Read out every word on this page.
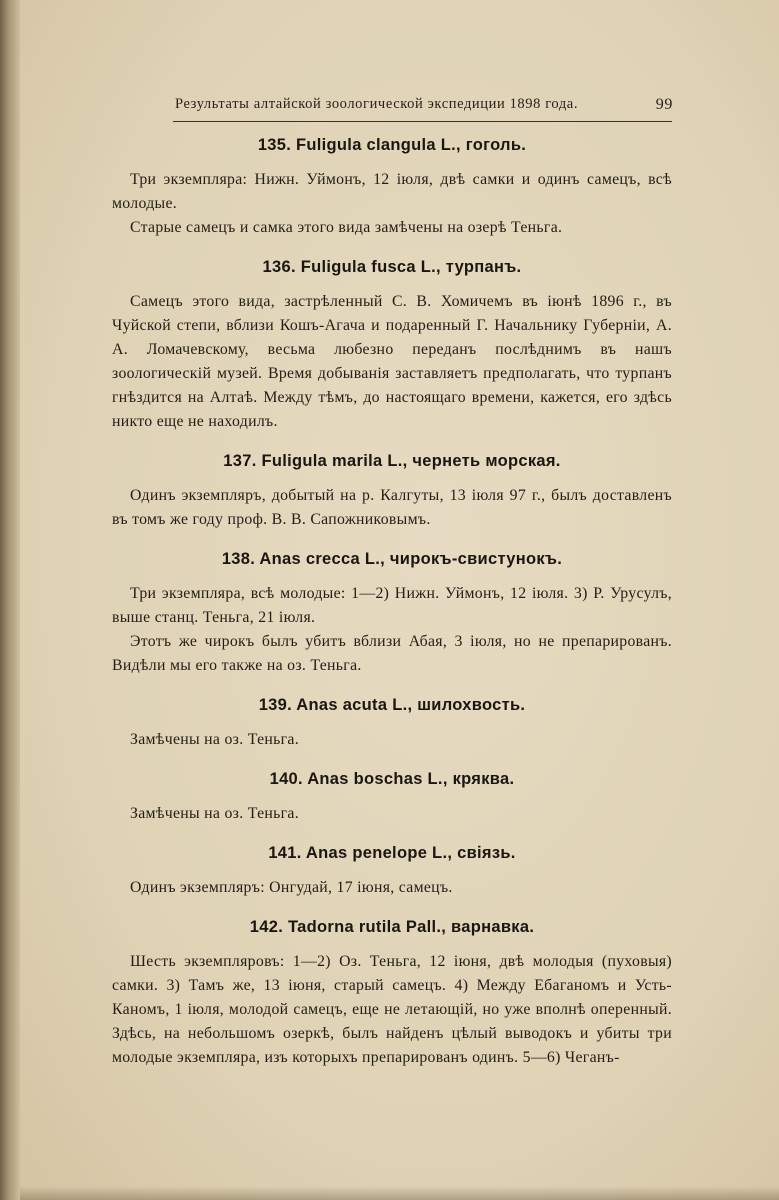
Результаты алтайской зоологической экспедиции 1898 года.	99
135. Fuligula clangula L., гоголь.

Три экземпляра: Нижн. Уймонъ, 12 іюля, двѣ самки и одинъ самецъ, всѣ молодые.

Старые самецъ и самка этого вида замѣчены на озерѣ Теньга.

136. Fuligula fusca L., турпанъ.

Самецъ этого вида, застрѣленный С. В. Хомичемъ въ іюнѣ 1896 г., въ Чуйской степи, вблизи Кошъ-Агача и подаренный Г. Начальнику Губерніи, А. А. Ломачевскому, весьма любезно переданъ послѣднимъ въ нашъ зоологическій музей. Время добыванія заставляетъ предполагать, что турпанъ гнѣздится на Алтаѣ. Между тѣмъ, до настоящаго времени, кажется, его здѣсь никто еще не находилъ.

137. Fuligula marila L., чернеть морская.

Одинъ экземпляръ, добытый на р. Калгуты, 13 іюля 97 г., былъ доставленъ въ томъ же году проф. В. В. Сапожниковымъ.

138. Anas crecca L., чирокъ-свистунокъ.

Три экземпляра, всѣ молодые: 1—2) Нижн. Уймонъ, 12 іюля. 3) Р. Урусулъ, выше станц. Теньга, 21 іюля.

Этотъ же чирокъ былъ убитъ вблизи Абая, 3 іюля, но не препарированъ. Видѣли мы его также на оз. Теньга.

139. Anas acuta L., шилохвость.

Замѣчены на оз. Теньга.

140. Anas boschas L., кряква.

Замѣчены на оз. Теньга.

141. Anas penelope L., свіязь.

Одинъ экземпляръ: Онгудай, 17 іюня, самецъ.

142. Tadorna rutila Pall., варнавка.

Шесть экземпляровъ: 1—2) Оз. Теньга, 12 іюня, двѣ молодыя (пуховыя) самки. 3) Тамъ же, 13 іюня, старый самецъ. 4) Между Ебаганомъ и Усть-Каномъ, 1 іюля, молодой самецъ, еще не летающій, но уже вполнѣ оперенный. Здѣсь, на небольшомъ озеркѣ, былъ найденъ цѣлый выводокъ и убиты три молодые экземпляра, изъ которыхъ препарированъ одинъ. 5—6) Чеганъ-
